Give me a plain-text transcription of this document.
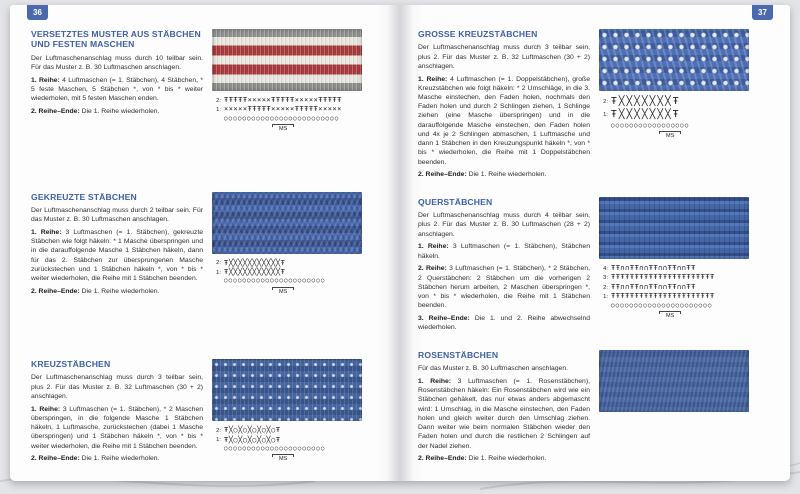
36
VERSETZTES MUSTER AUS STÄBCHEN UND FESTEN MASCHEN

Der Luftmaschenanschlag muss durch 10 teilbar sein. Für das Muster z. B. 30 Luftmaschen anschlagen.

1. Reihe: 4 Luftmaschen (= 1. Stäbchen), 4 Stäbchen, * 5 feste Maschen, 5 Stäbchen *, von * bis * weiter wiederholen, mit 5 festen Maschen enden.

2. Reihe–Ende: Die 1. Reihe wiederholen.

2: ŦŦŦŦŦ×××××ŦŦŦŦŦ×××××ŦŦŦŦŦ
1: ×××××ŦŦŦŦŦ×××××ŦŦŦŦŦ×××××
○○○○○○○○○○○○○○○○○○○○○○○○○
MS
GEKREUZTE STÄBCHEN

Der Luftmaschenanschlag muss durch 2 teilbar sein. Für das Muster z. B. 30 Luftmaschen anschlagen.

1. Reihe: 3 Luftmaschen (= 1. Stäbchen), gekreuzte Stäbchen wie folgt häkeln: * 1 Masche überspringen und in die darauffolgende Masche 1 Stäbchen häkeln, dann für das 2. Stäbchen zur übersprungenen Masche zurückstechen und 1 Stäbchen häkeln *, von * bis * weiter wiederholen, die Reihe mit 1 Stäbchen beenden.

2. Reihe–Ende: Die 1. Reihe wiederholen.

2: Ŧ╳╳╳╳╳╳╳╳╳╳╳Ŧ
1: Ŧ╳╳╳╳╳╳╳╳╳╳╳Ŧ
○○○○○○○○○○○○○○○○○○○○○○
MS
KREUZSTÄBCHEN

Der Luftmaschenanschlag muss durch 3 teilbar sein, plus 2. Für das Muster z. B. 32 Luftmaschen (30 + 2) anschlagen.

1. Reihe: 3 Luftmaschen (= 1. Stäbchen), * 2 Maschen überspringen, in die folgende Masche 1 Stäbchen häkeln, 1 Luftmasche, zurückstechen (dabei 1 Masche überspringen) und 1 Stäbchen häkeln *, von * bis * weiter wiederholen, die Reihe mit 1 Stäbchen beenden.

2. Reihe–Ende: Die 1. Reihe wiederholen.

2: Ŧ╳○╳○╳○╳○╳○Ŧ
1: Ŧ╳○╳○╳○╳○╳○Ŧ
○○○○○○○○○○○○○○○○○○○○○○
MS
37
GROSSE KREUZSTÄBCHEN

Der Luftmaschenanschlag muss durch 3 teilbar sein, plus 2. Für das Muster z. B. 32 Luftmaschen (30 + 2) anschlagen.

1. Reihe: 4 Luftmaschen (= 1. Doppelstäbchen), große Kreuzstäbchen wie folgt häkeln: * 2 Umschläge, in die 3. Masche einstechen, den Faden holen, nochmals den Faden holen und durch 2 Schlingen ziehen, 1 Schlinge ziehen (eine Masche überspringen) und in die darauffolgende Masche einstechen, den Faden holen und 4x je 2 Schlingen abmaschen, 1 Luftmasche und dann 1 Stäbchen in den Kreuzungspunkt häkeln *, von * bis * wiederholen, die Reihe mit 1 Doppelstäbchen beenden.

2. Reihe–Ende: Die 1. Reihe wiederholen.

2: Ŧ╳╳╳╳╳╳╳Ŧ
1: Ŧ╳╳╳╳╳╳╳Ŧ
○○○○○○○○○○○○○○○○○
MS
QUERSTÄBCHEN

Der Luftmaschenanschlag muss durch 4 teilbar sein, plus 2. Für das Muster z. B. 30 Luftmaschen (28 + 2) anschlagen.

1. Reihe: 3 Luftmaschen (= 1. Stäbchen), Stäbchen häkeln.

2. Reihe: 3 Luftmaschen (= 1. Stäbchen), * 2 Stäbchen, 2 Querstäbchen: 2 Stäbchen um die vorherigen 2 Stäbchen herum arbeiten, 2 Maschen überspringen *, von * bis * wiederholen, die Reihe mit 1 Stäbchen beenden.

3. Reihe–Ende: Die 1. und 2. Reihe abwechselnd wiederholen.

4: ŦŦ∩∩ŦŦ∩∩ŦŦ∩∩ŦŦ∩∩ŦŦ
3: ŦŦŦŦŦŦŦŦŦŦŦŦŦŦŦŦŦŦŦŦŦŦ
2: ŦŦ∩∩ŦŦ∩∩ŦŦ∩∩ŦŦ∩∩ŦŦ
1: ŦŦŦŦŦŦŦŦŦŦŦŦŦŦŦŦŦŦŦŦŦŦ
○○○○○○○○○○○○○○○○○○○○○○
MS
ROSENSTÄBCHEN

Für das Muster z. B. 30 Luftmaschen anschlagen.

1. Reihe: 3 Luftmaschen (= 1. Rosenstäbchen), Rosenstäbchen häkeln: Ein Rosenstäbchen wird wie ein Stäbchen gehäkelt, das nur etwas anders abgemascht wird: 1 Umschlag, in die Masche einstechen, den Faden holen und gleich weiter durch den Umschlag ziehen. Dann weiter wie beim normalen Stäbchen wieder den Faden holen und durch die restlichen 2 Schlingen auf der Nadel ziehen.

2. Reihe–Ende: Die 1. Reihe wiederholen.
